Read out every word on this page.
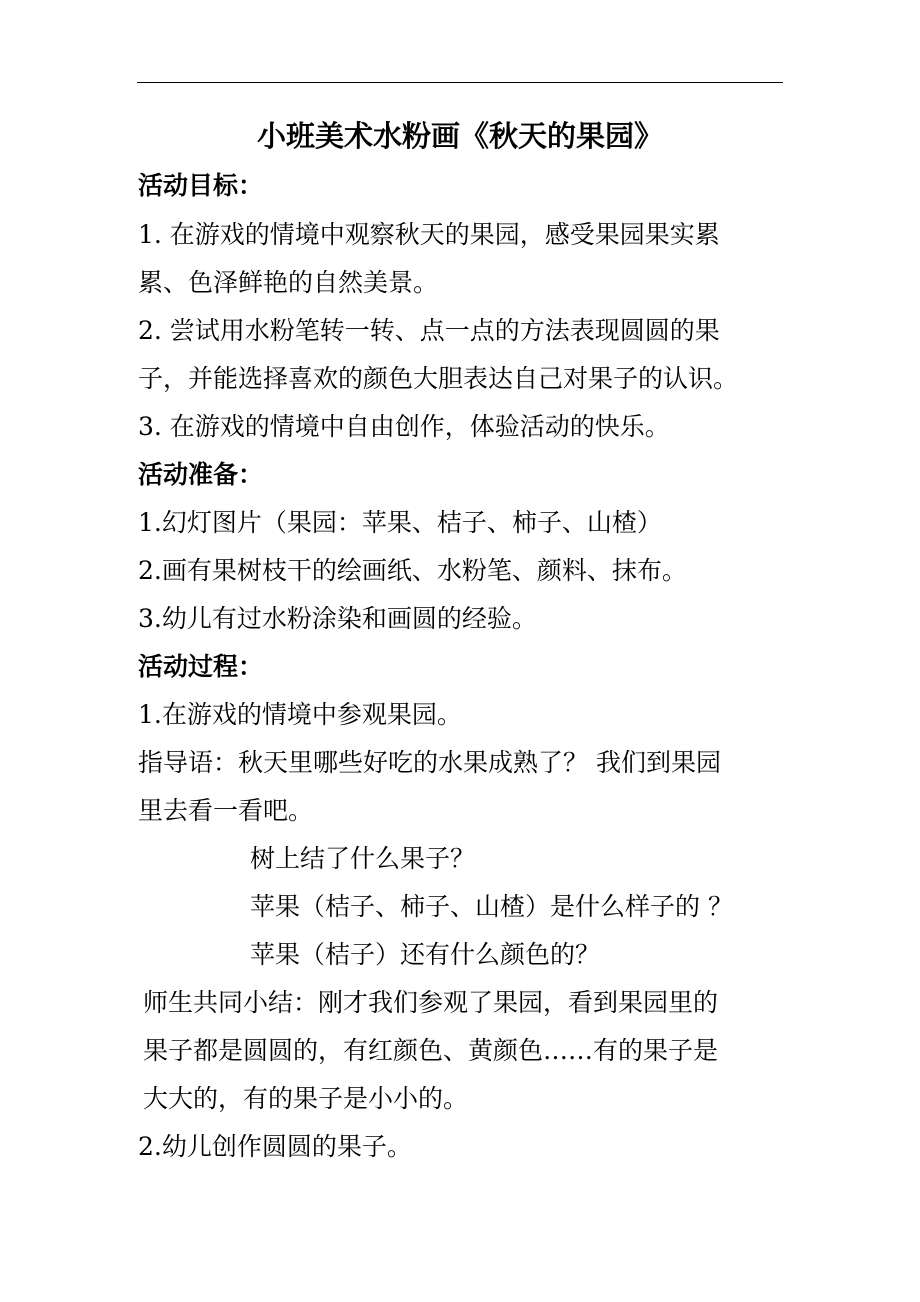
小班美术水粉画《秋天的果园》
活动目标：
1. 在游戏的情境中观察秋天的果园，感受果园果实累
累、色泽鲜艳的自然美景。
2. 尝试用水粉笔转一转、点一点的方法表现圆圆的果
子，并能选择喜欢的颜色大胆表达自己对果子的认识。
3. 在游戏的情境中自由创作，体验活动的快乐。
活动准备：
1.幻灯图片（果园：苹果、桔子、柿子、山楂）
2.画有果树枝干的绘画纸、水粉笔、颜料、抹布。
3.幼儿有过水粉涂染和画圆的经验。
活动过程：
1.在游戏的情境中参观果园。
指导语：秋天里哪些好吃的水果成熟了？ 我们到果园
里去看一看吧。
树上结了什么果子？
苹果（桔子、柿子、山楂）是什么样子的 ？
苹果（桔子）还有什么颜色的？
师生共同小结：刚才我们参观了果园，看到果园里的
果子都是圆圆的，有红颜色、黄颜色……有的果子是
大大的，有的果子是小小的。
2.幼儿创作圆圆的果子。
